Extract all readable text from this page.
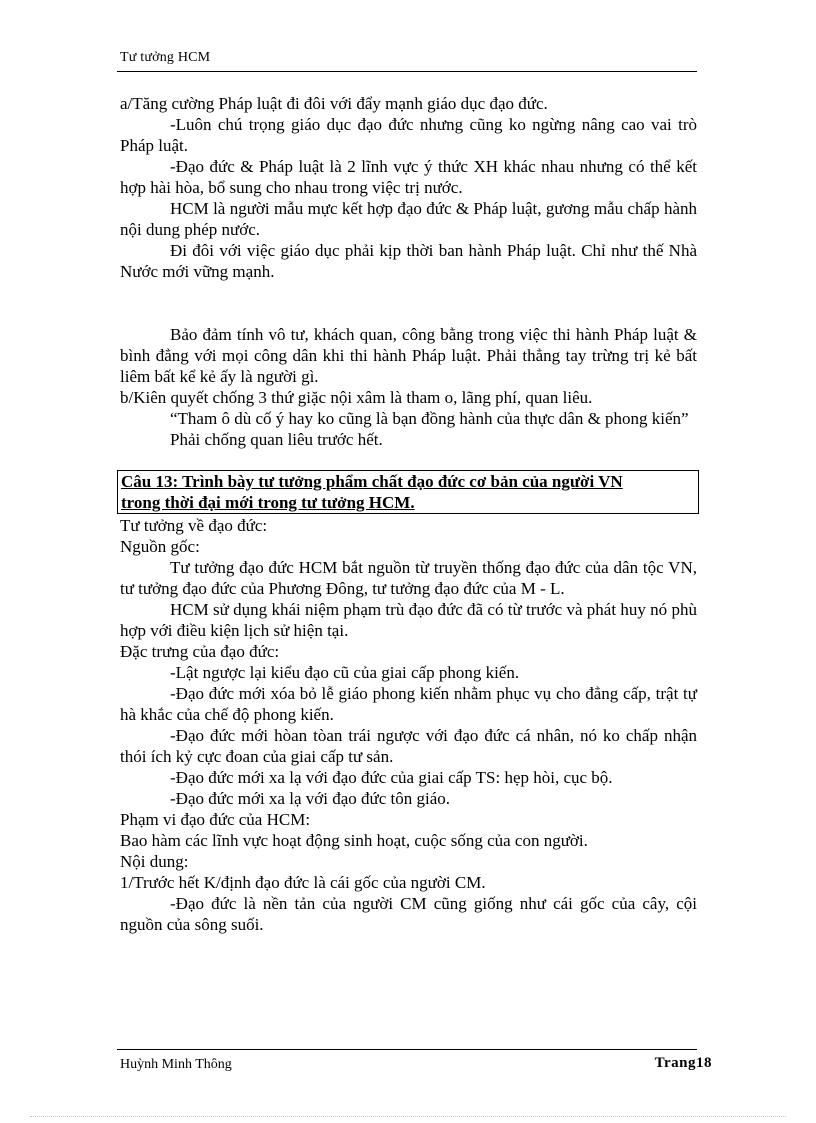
Tư tưởng HCM

a/Tăng cường Pháp luật đi đôi với đẩy mạnh giáo dục đạo đức.

-Luôn chú trọng giáo dục đạo đức nhưng cũng ko ngừng nâng cao vai trò Pháp luật.

-Đạo đức & Pháp luật là 2 lĩnh vực ý thức XH khác nhau nhưng có thể kết hợp hài hòa, bổ sung cho nhau trong việc trị nước.

HCM là người mẫu mực kết hợp đạo đức & Pháp luật, gương mẫu chấp hành nội dung phép nước.

Đi đôi với việc giáo dục phải kịp thời ban hành Pháp luật. Chỉ như thế Nhà Nước mới vững mạnh.

Bảo đảm tính vô tư, khách quan, công bằng trong việc thi hành Pháp luật & bình đẳng với mọi công dân khi thi hành Pháp luật. Phải thẳng tay trừng trị kẻ bất liêm bất kể kẻ ấy là người gì.

b/Kiên quyết chống 3 thứ giặc nội xâm là tham o, lãng phí, quan liêu.

“Tham ô dù cố ý hay ko cũng là bạn đồng hành của thực dân & phong kiến”

Phải chống quan liêu trước hết.

Câu 13: Trình bày tư tưởng phẩm chất đạo đức cơ bản của người VN
trong thời đại mới trong tư tưởng HCM.

Tư tưởng về đạo đức:

Nguồn gốc:

Tư tưởng đạo đức HCM bắt nguồn từ truyền thống đạo đức của dân tộc VN, tư tưởng đạo đức của Phương Đông, tư tưởng đạo đức của M - L.

HCM sử dụng khái niệm phạm trù đạo đức đã có từ trước và phát huy nó phù hợp với điều kiện lịch sử hiện tại.

Đặc trưng của đạo đức:

-Lật ngược lại kiểu đạo cũ của giai cấp phong kiến.

-Đạo đức mới xóa bỏ lễ giáo phong kiến nhằm phục vụ cho đẳng cấp, trật tự hà khắc của chế độ phong kiến.

-Đạo đức mới hòan tòan trái ngược với đạo đức cá nhân, nó ko chấp nhận thói ích kỷ cực đoan của giai cấp tư sản.

-Đạo đức mới xa lạ với đạo đức của giai cấp TS: hẹp hòi, cục bộ.

-Đạo đức mới xa lạ với đạo đức tôn giáo.

Phạm vi đạo đức của HCM:

Bao hàm các lĩnh vực hoạt động sinh hoạt, cuộc sống của con người.

Nội dung:

1/Trước hết K/định đạo đức là cái gốc của người CM.

-Đạo đức là nền tản của người CM cũng giống như cái gốc của cây, cội nguồn của sông suối.

Huỳnh Minh Thông	Trang18
